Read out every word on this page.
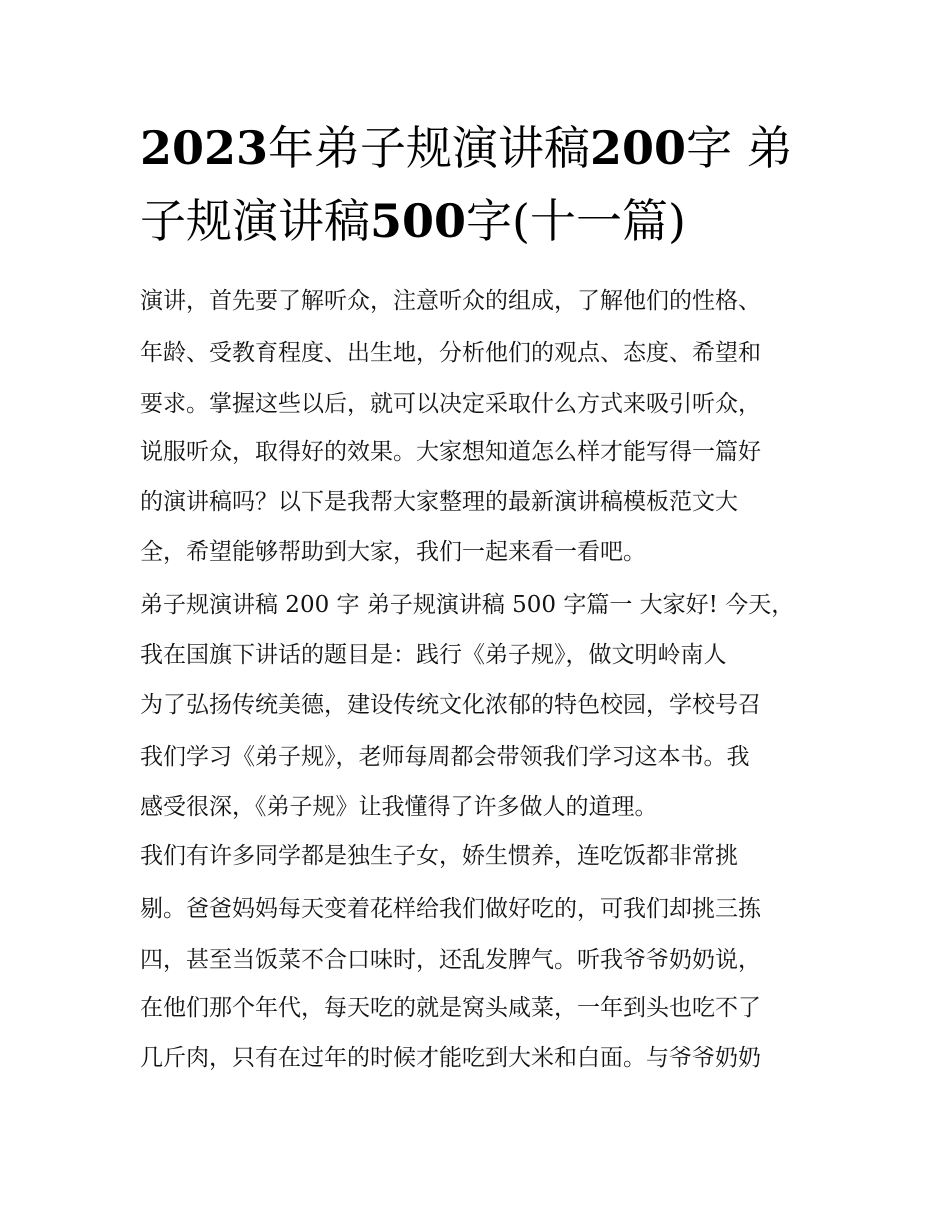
2023年弟子规演讲稿200字 弟
子规演讲稿500字(十一篇)

演讲，首先要了解听众，注意听众的组成，了解他们的性格、

年龄、受教育程度、出生地，分析他们的观点、态度、希望和

要求。掌握这些以后，就可以决定采取什么方式来吸引听众，

说服听众，取得好的效果。大家想知道怎么样才能写得一篇好

的演讲稿吗？以下是我帮大家整理的最新演讲稿模板范文大

全，希望能够帮助到大家，我们一起来看一看吧。

弟子规演讲稿 200 字 弟子规演讲稿 500 字篇一 大家好! 今天，

我在国旗下讲话的题目是：践行《弟子规》，做文明岭南人

为了弘扬传统美德，建设传统文化浓郁的特色校园，学校号召

我们学习《弟子规》，老师每周都会带领我们学习这本书。我

感受很深，《弟子规》让我懂得了许多做人的道理。

我们有许多同学都是独生子女，娇生惯养，连吃饭都非常挑

剔。爸爸妈妈每天变着花样给我们做好吃的，可我们却挑三拣

四，甚至当饭菜不合口味时，还乱发脾气。听我爷爷奶奶说，

在他们那个年代，每天吃的就是窝头咸菜，一年到头也吃不了

几斤肉，只有在过年的时候才能吃到大米和白面。与爷爷奶奶
